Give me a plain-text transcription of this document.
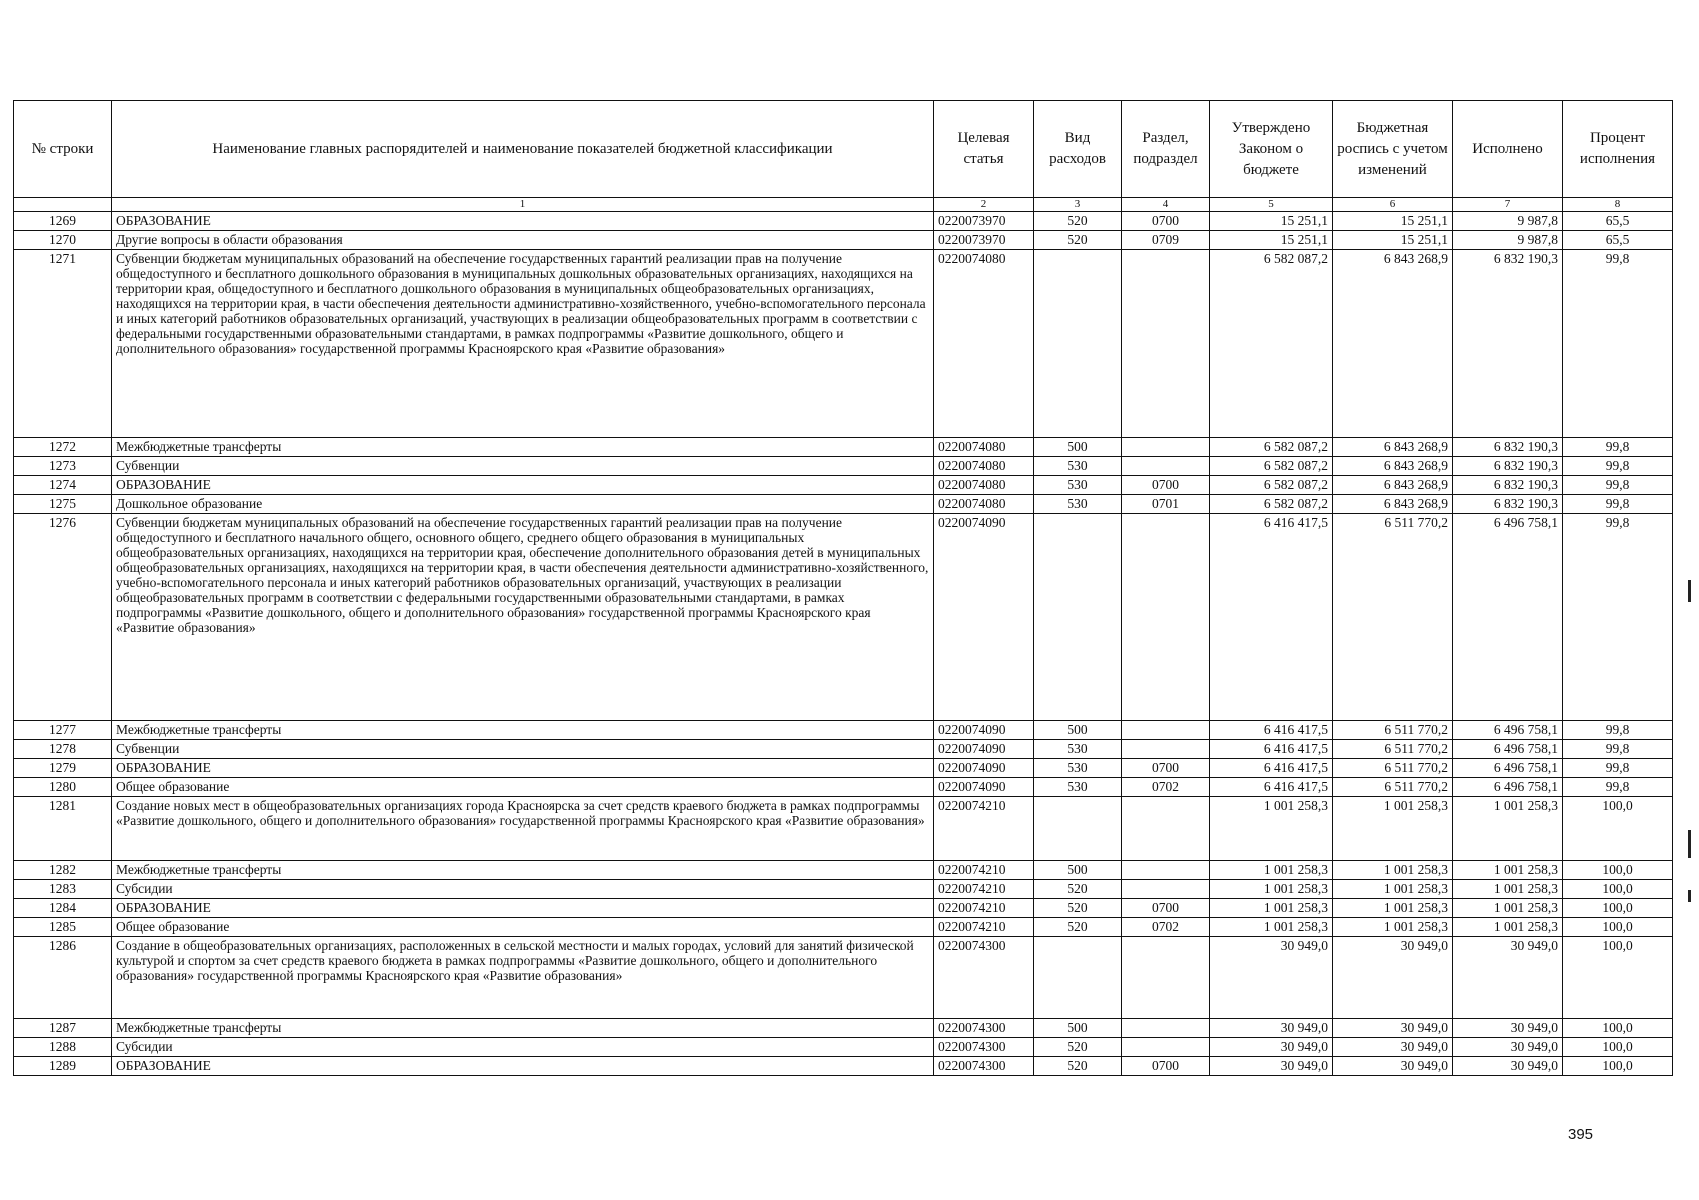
№ строки	Наименование главных распорядителей и наименование показателей бюджетной классификации	Целевая статья	Вид расходов	Раздел, подраздел	Утверждено Законом о бюджете	Бюджетная роспись с учетом изменений	Исполнено	Процент исполнения
	1	2	3	4	5	6	7	8
1269	ОБРАЗОВАНИЕ	0220073970	520	0700	15 251,1	15 251,1	9 987,8	65,5
1270	Другие вопросы в области образования	0220073970	520	0709	15 251,1	15 251,1	9 987,8	65,5
1271	Субвенции бюджетам муниципальных образований на обеспечение государственных гарантий реализации прав на получение общедоступного и бесплатного дошкольного образования в муниципальных дошкольных образовательных организациях, находящихся на территории края, общедоступного и бесплатного дошкольного образования в муниципальных общеобразовательных организациях, находящихся на территории края, в части обеспечения деятельности административно-хозяйственного, учебно-вспомогательного персонала и иных категорий работников образовательных организаций, участвующих в реализации общеобразовательных программ в соответствии с федеральными государственными образовательными стандартами, в рамках подпрограммы «Развитие дошкольного, общего и дополнительного образования» государственной программы Красноярского края «Развитие образования»	0220074080			6 582 087,2	6 843 268,9	6 832 190,3	99,8
1272	Межбюджетные трансферты	0220074080	500		6 582 087,2	6 843 268,9	6 832 190,3	99,8
1273	Субвенции	0220074080	530		6 582 087,2	6 843 268,9	6 832 190,3	99,8
1274	ОБРАЗОВАНИЕ	0220074080	530	0700	6 582 087,2	6 843 268,9	6 832 190,3	99,8
1275	Дошкольное образование	0220074080	530	0701	6 582 087,2	6 843 268,9	6 832 190,3	99,8
1276	Субвенции бюджетам муниципальных образований на обеспечение государственных гарантий реализации прав на получение общедоступного и бесплатного начального общего, основного общего, среднего общего образования в муниципальных общеобразовательных организациях, находящихся на территории края, обеспечение дополнительного образования детей в муниципальных общеобразовательных организациях, находящихся на территории края, в части обеспечения деятельности административно-хозяйственного, учебно-вспомогательного персонала и иных категорий работников образовательных организаций, участвующих в реализации общеобразовательных программ в соответствии с федеральными государственными образовательными стандартами, в рамках подпрограммы «Развитие дошкольного, общего и дополнительного образования» государственной программы Красноярского края «Развитие образования»	0220074090			6 416 417,5	6 511 770,2	6 496 758,1	99,8
1277	Межбюджетные трансферты	0220074090	500		6 416 417,5	6 511 770,2	6 496 758,1	99,8
1278	Субвенции	0220074090	530		6 416 417,5	6 511 770,2	6 496 758,1	99,8
1279	ОБРАЗОВАНИЕ	0220074090	530	0700	6 416 417,5	6 511 770,2	6 496 758,1	99,8
1280	Общее образование	0220074090	530	0702	6 416 417,5	6 511 770,2	6 496 758,1	99,8
1281	Создание новых мест в общеобразовательных организациях города Красноярска за счет средств краевого бюджета в рамках подпрограммы «Развитие дошкольного, общего и дополнительного образования» государственной программы Красноярского края «Развитие образования»	0220074210			1 001 258,3	1 001 258,3	1 001 258,3	100,0
1282	Межбюджетные трансферты	0220074210	500		1 001 258,3	1 001 258,3	1 001 258,3	100,0
1283	Субсидии	0220074210	520		1 001 258,3	1 001 258,3	1 001 258,3	100,0
1284	ОБРАЗОВАНИЕ	0220074210	520	0700	1 001 258,3	1 001 258,3	1 001 258,3	100,0
1285	Общее образование	0220074210	520	0702	1 001 258,3	1 001 258,3	1 001 258,3	100,0
1286	Создание в общеобразовательных организациях, расположенных в сельской местности и малых городах, условий для занятий физической культурой и спортом за счет средств краевого бюджета в рамках подпрограммы «Развитие дошкольного, общего и дополнительного образования» государственной программы Красноярского края «Развитие образования»	0220074300			30 949,0	30 949,0	30 949,0	100,0
1287	Межбюджетные трансферты	0220074300	500		30 949,0	30 949,0	30 949,0	100,0
1288	Субсидии	0220074300	520		30 949,0	30 949,0	30 949,0	100,0
1289	ОБРАЗОВАНИЕ	0220074300	520	0700	30 949,0	30 949,0	30 949,0	100,0
395
